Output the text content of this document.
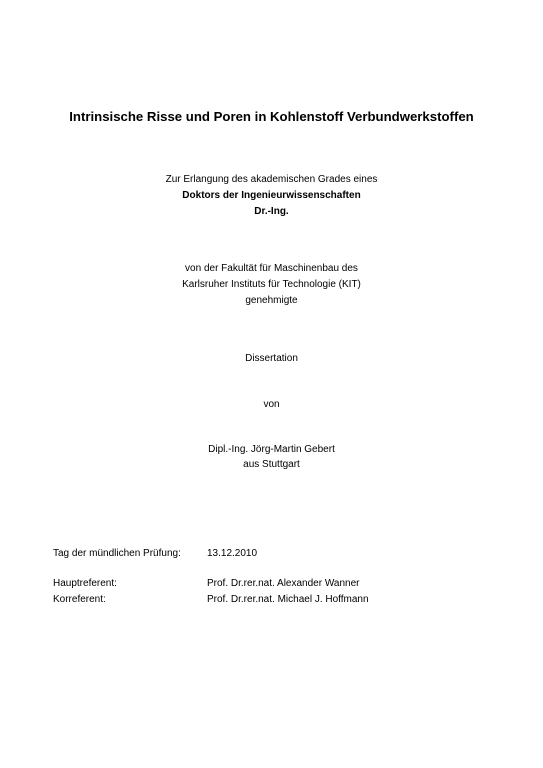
Intrinsische Risse und Poren in Kohlenstoff Verbundwerkstoffen
Zur Erlangung des akademischen Grades eines
Doktors der Ingenieurwissenschaften
Dr.-Ing.
von der Fakultät für Maschinenbau des
Karlsruher Instituts für Technologie (KIT)
genehmigte
Dissertation
von
Dipl.-Ing. Jörg-Martin Gebert
aus Stuttgart
Tag der mündlichen Prüfung:	13.12.2010
Hauptreferent:	Prof. Dr.rer.nat. Alexander Wanner
Korreferent:	Prof. Dr.rer.nat. Michael J. Hoffmann
